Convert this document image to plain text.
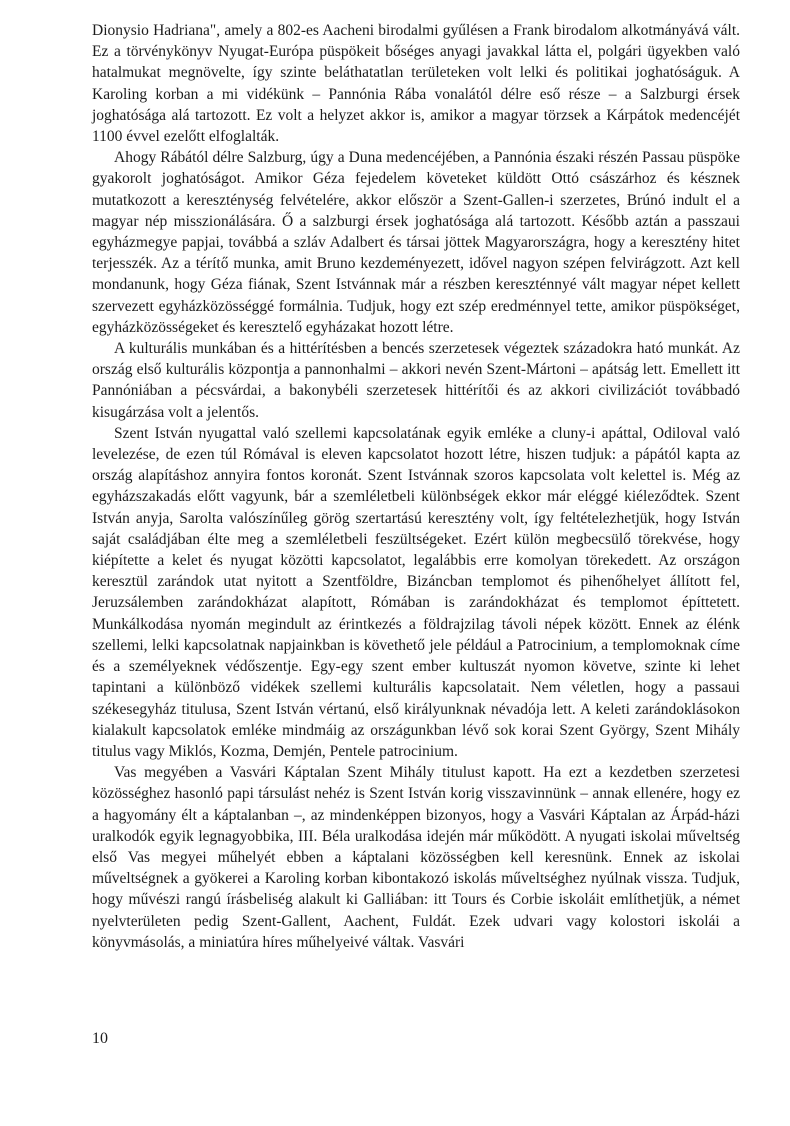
Dionysio Hadriana", amely a 802-es Aacheni birodalmi gyűlésen a Frank birodalom alkotmányává vált. Ez a törvénykönyv Nyugat-Európa püspökeit bőséges anyagi javakkal látta el, polgári ügyekben való hatalmukat megnövelte, így szinte beláthatatlan területeken volt lelki és politikai joghatóságuk. A Karoling korban a mi vidékünk – Pannónia Rába vonalától délre eső része – a Salzburgi érsek joghatósága alá tartozott. Ez volt a helyzet akkor is, amikor a magyar törzsek a Kárpátok medencéjét 1100 évvel ezelőtt elfoglalták.

Ahogy Rábától délre Salzburg, úgy a Duna medencéjében, a Pannónia északi részén Passau püspöke gyakorolt joghatóságot. Amikor Géza fejedelem követeket küldött Ottó császárhoz és késznek mutatkozott a kereszténység felvételére, akkor először a Szent-Gallen-i szerzetes, Brúnó indult el a magyar nép misszionálására. Ő a salzburgi érsek joghatósága alá tartozott. Később aztán a passzaui egyházmegye papjai, továbbá a szláv Adalbert és társai jöttek Magyarországra, hogy a keresztény hitet terjesszék. Az a térítő munka, amit Bruno kezdeményezett, idővel nagyon szépen felvirágzott. Azt kell mondanunk, hogy Géza fiának, Szent Istvánnak már a részben kereszténnyé vált magyar népet kellett szervezett egyházközösséggé formálnia. Tudjuk, hogy ezt szép eredménnyel tette, amikor püspökséget, egyházközösségeket és keresztelő egyházakat hozott létre.

A kulturális munkában és a hittérítésben a bencés szerzetesek végeztek századokra ható munkát. Az ország első kulturális központja a pannonhalmi – akkori nevén Szent-Mártoni – apátság lett. Emellett itt Pannóniában a pécsvárdai, a bakonybéli szerzetesek hittérítői és az akkori civilizációt továbbadó kisugárzása volt a jelentős.

Szent István nyugattal való szellemi kapcsolatának egyik emléke a cluny-i apáttal, Odiloval való levelezése, de ezen túl Rómával is eleven kapcsolatot hozott létre, hiszen tudjuk: a pápától kapta az ország alapításhoz annyira fontos koronát. Szent Istvánnak szoros kapcsolata volt kelettel is. Még az egyházszakadás előtt vagyunk, bár a szemléletbeli különbségek ekkor már eléggé kiéleződtek. Szent István anyja, Sarolta valószínűleg görög szertartású keresztény volt, így feltételezhetjük, hogy István saját családjában élte meg a szemléletbeli feszültségeket. Ezért külön megbecsülő törekvése, hogy kiépítette a kelet és nyugat közötti kapcsolatot, legalábbis erre komolyan törekedett. Az országon keresztül zarándok utat nyitott a Szentföldre, Bizáncban templomot és pihenőhelyet állított fel, Jeruzsálemben zarándokházat alapított, Rómában is zarándokházat és templomot építtetett. Munkálkodása nyomán megindult az érintkezés a földrajzilag távoli népek között. Ennek az élénk szellemi, lelki kapcsolatnak napjainkban is követhető jele például a Patrocinium, a templomoknak címe és a személyeknek védőszentje. Egy-egy szent ember kultuszát nyomon követve, szinte ki lehet tapintani a különböző vidékek szellemi kulturális kapcsolatait. Nem véletlen, hogy a passaui székesegyház titulusa, Szent István vértanú, első királyunknak névadója lett. A keleti zarándoklásokon kialakult kapcsolatok emléke mindmáig az országunkban lévő sok korai Szent György, Szent Mihály titulus vagy Miklós, Kozma, Demjén, Pentele patrocinium.

Vas megyében a Vasvári Káptalan Szent Mihály titulust kapott. Ha ezt a kezdetben szerzetesi közösséghez hasonló papi társulást nehéz is Szent István korig visszavinnünk – annak ellenére, hogy ez a hagyomány élt a káptalanban –, az mindenképpen bizonyos, hogy a Vasvári Káptalan az Árpád-házi uralkodók egyik legnagyobbika, III. Béla uralkodása idején már működött. A nyugati iskolai műveltség első Vas megyei műhelyét ebben a káptalani közösségben kell keresnünk. Ennek az iskolai műveltségnek a gyökerei a Karoling korban kibontakozó iskolás műveltséghez nyúlnak vissza. Tudjuk, hogy művészi rangú írásbeliség alakult ki Galliában: itt Tours és Corbie iskoláit említhetjük, a német nyelvterületen pedig Szent-Gallent, Aachent, Fuldát. Ezek udvari vagy kolostori iskolái a könyvmásolás, a miniatúra híres műhelyeivé váltak. Vasvári

10
